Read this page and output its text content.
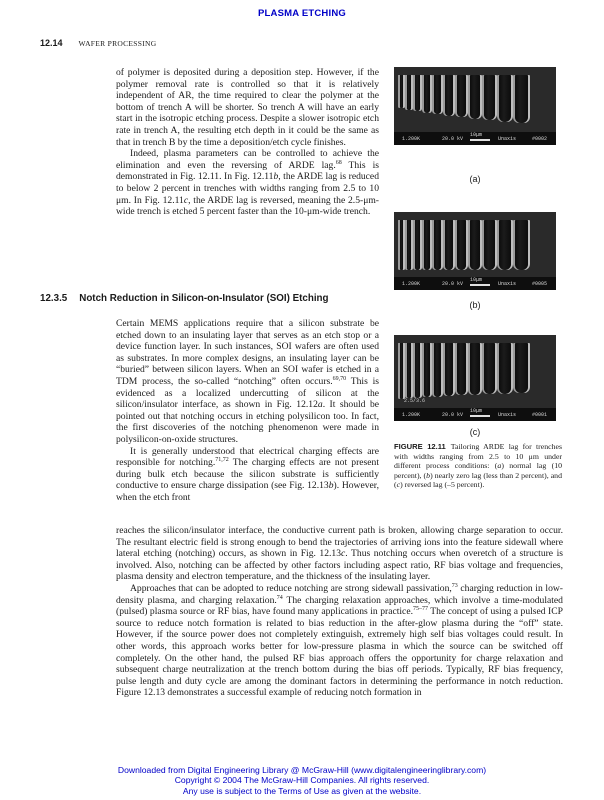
PLASMA ETCHING
12.14 WAFER PROCESSING

of polymer is deposited during a deposition step. However, if the polymer removal rate is controlled so that it is relatively independent of AR, the time required to clear the polymer at the bottom of trench A will be shorter. So trench A will have an early start in the isotropic etching process. Despite a slower isotropic etch rate in trench A, the resulting etch depth in it could be the same as that in trench B by the time a deposition/etch cycle finishes.

Indeed, plasma parameters can be controlled to achieve the elimination and even the reversing of ARDE lag.$^{68}$ This is demonstrated in Fig. 12.11. In Fig. 12.11b, the ARDE lag is reduced to below 2 percent in trenches with widths ranging from 2.5 to 10 μm. In Fig. 12.11c, the ARDE lag is reversed, meaning the 2.5-μm-wide trench is etched 5 percent faster than the 10-μm-wide trench.

12.3.5 Notch Reduction in Silicon-on-Insulator (SOI) Etching

Certain MEMS applications require that a silicon substrate be etched down to an insulating layer that serves as an etch stop or a device function layer. In such instances, SOI wafers are often used as substrates. In more complex designs, an insulating layer can be “buried” between silicon layers. When an SOI wafer is etched in a TDM process, the so-called “notching” often occurs.$^{69,70}$ This is evidenced as a localized undercutting of silicon at the silicon/insulator interface, as shown in Fig. 12.12a. It should be pointed out that notching occurs in etching polysilicon too. In fact, the first discoveries of the notching phenomenon were made in polysilicon-on-oxide structures.

It is generally understood that electrical charging effects are responsible for notching.$^{71,72}$ The charging effects are not present during bulk etch because the silicon substrate is sufficiently conductive to ensure charge dissipation (see Fig. 12.13b). However, when the etch front

reaches the silicon/insulator interface, the conductive current path is broken, allowing charge separation to occur. The resultant electric field is strong enough to bend the trajectories of arriving ions into the feature sidewall where lateral etching (notching) occurs, as shown in Fig. 12.13c. Thus notching occurs when overetch of a structure is involved. Also, notching can be affected by other factors including aspect ratio, RF bias voltage and frequencies, plasma density and electron temperature, and the thickness of the insulating layer.

Approaches that can be adopted to reduce notching are strong sidewall passivation,$^{73}$ charging reduction in low-density plasma, and charging relaxation.$^{74}$ The charging relaxation approaches, which involve a time-modulated (pulsed) plasma source or RF bias, have found many applications in practice.$^{75-77}$ The concept of using a pulsed ICP source to reduce notch formation is related to bias reduction in the after-glow plasma during the “off” state. However, if the source power does not completely extinguish, extremely high self bias voltages could result. In other words, this approach works better for low-pressure plasma in which the source can be switched off completely. On the other hand, the pulsed RF bias approach offers the opportunity for charge relaxation and subsequent charge neutralization at the trench bottom during the bias off periods. Typically, RF bias frequency, pulse length and duty cycle are among the dominant factors in determining the performance in notch reduction. Figure 12.13 demonstrates a successful example of reducing notch formation in

1.200K	20.0 kV
10μm
Unaxis	#0002
(a)
1.200K	20.0 kV
10μm
Unaxis	#0005
(b)
2.5/3.6
1.200K	20.0 kV
10μm
Unaxis	#0001
(c)
FIGURE 12.11 Tailoring ARDE lag for trenches with widths ranging from 2.5 to 10 μm under different process conditions: (a) normal lag (10 percent), (b) nearly zero lag (less than 2 percent), and (c) reversed lag (–5 percent).
Downloaded from Digital Engineering Library @ McGraw-Hill (www.digitalengineeringlibrary.com)
Copyright © 2004 The McGraw-Hill Companies. All rights reserved.
Any use is subject to the Terms of Use as given at the website.
